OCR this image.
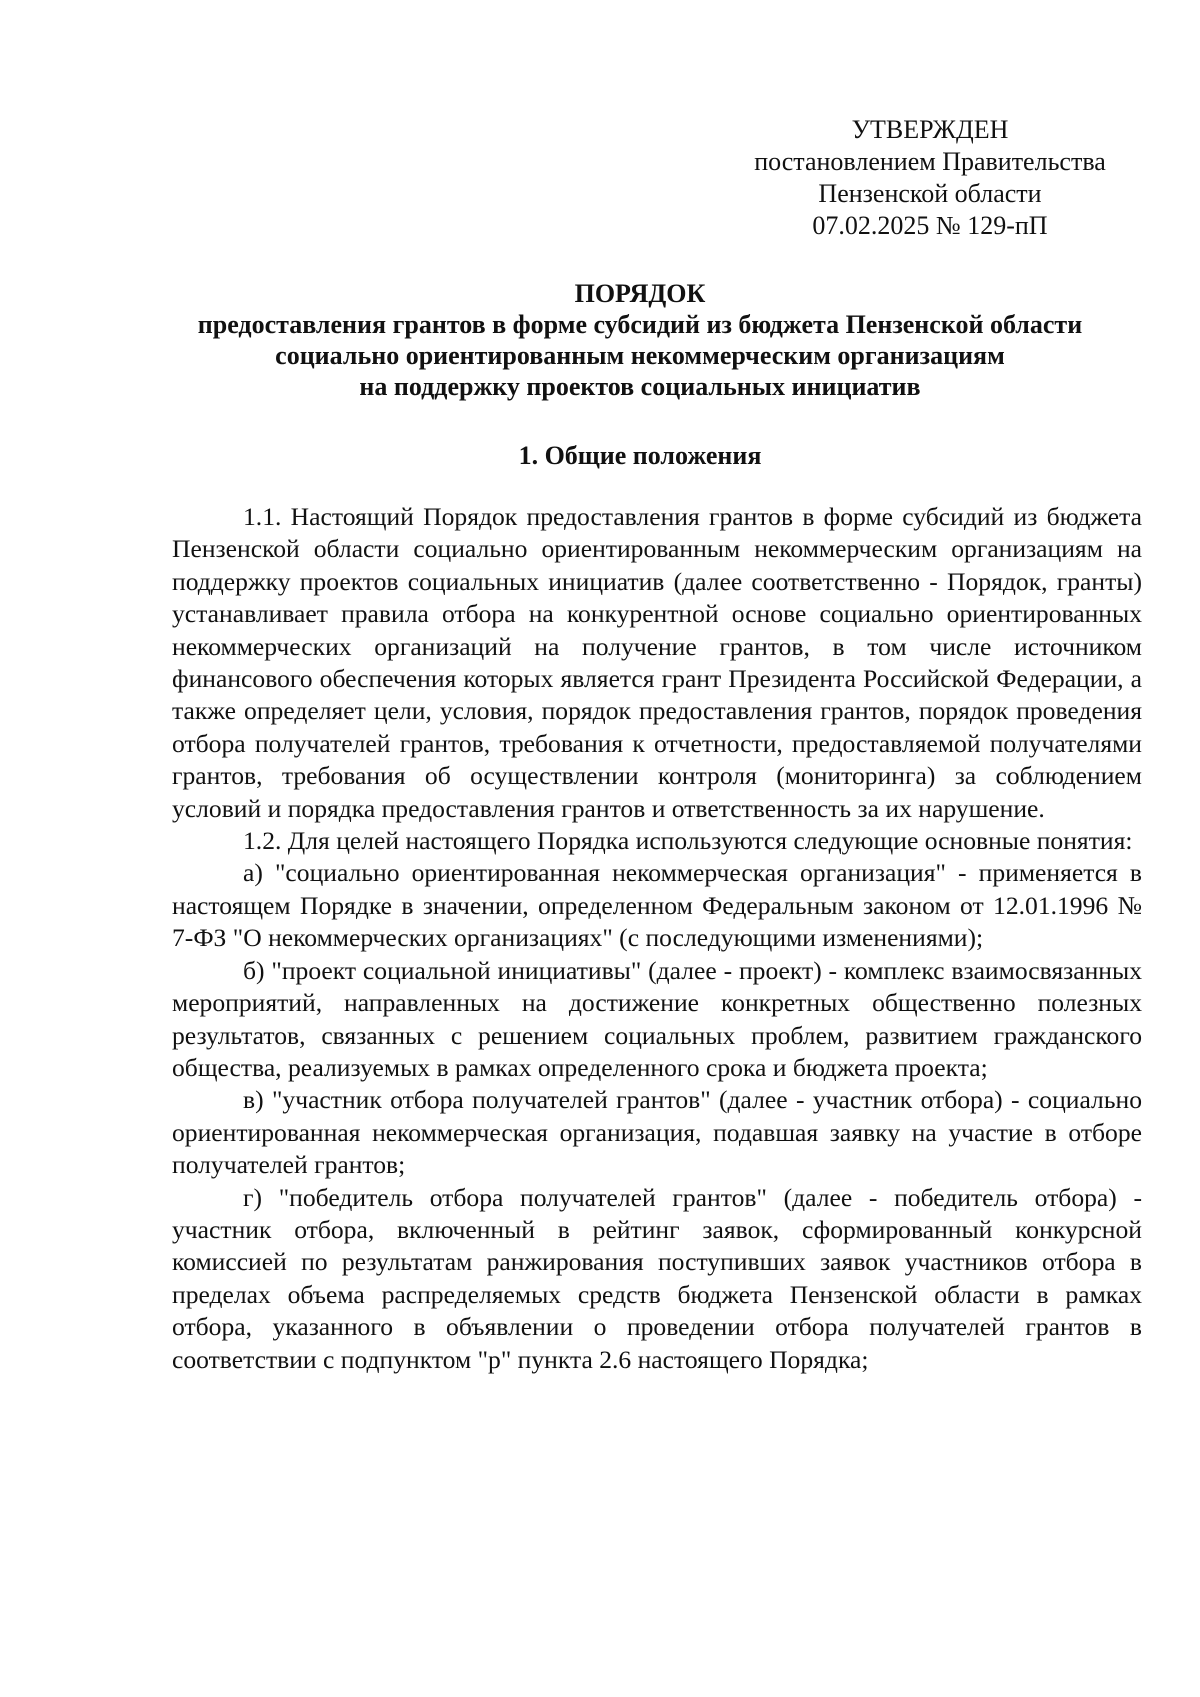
УТВЕРЖДЕН
постановлением Правительства
Пензенской области
07.02.2025 № 129-пП
ПОРЯДОК
предоставления грантов в форме субсидий из бюджета Пензенской области
социально ориентированным некоммерческим организациям
на поддержку проектов социальных инициатив
1. Общие положения

1.1. Настоящий Порядок предоставления грантов в форме субсидий из бюджета Пензенской области социально ориентированным некоммерческим организациям на поддержку проектов социальных инициатив (далее соответственно - Порядок, гранты) устанавливает правила отбора на конкурентной основе социально ориентированных некоммерческих организаций на получение грантов, в том числе источником финансового обеспечения которых является грант Президента Российской Федерации, а также определяет цели, условия, порядок предоставления грантов, порядок проведения отбора получателей грантов, требования к отчетности, предоставляемой получателями грантов, требования об осуществлении контроля (мониторинга) за соблюдением условий и порядка предоставления грантов и ответственность за их нарушение.

1.2. Для целей настоящего Порядка используются следующие основные понятия:

а) "социально ориентированная некоммерческая организация" - применяется в настоящем Порядке в значении, определенном Федеральным законом от 12.01.1996 № 7-ФЗ "О некоммерческих организациях" (с последующими изменениями);

б) "проект социальной инициативы" (далее - проект) - комплекс взаимосвязанных мероприятий, направленных на достижение конкретных общественно полезных результатов, связанных с решением социальных проблем, развитием гражданского общества, реализуемых в рамках определенного срока и бюджета проекта;

в) "участник отбора получателей грантов" (далее - участник отбора) - социально ориентированная некоммерческая организация, подавшая заявку на участие в отборе получателей грантов;

г) "победитель отбора получателей грантов" (далее - победитель отбора) - участник отбора, включенный в рейтинг заявок, сформированный конкурсной комиссией по результатам ранжирования поступивших заявок участников отбора в пределах объема распределяемых средств бюджета Пензенской области в рамках отбора, указанного в объявлении о проведении отбора получателей грантов в соответствии с подпунктом "р" пункта 2.6 настоящего Порядка;
